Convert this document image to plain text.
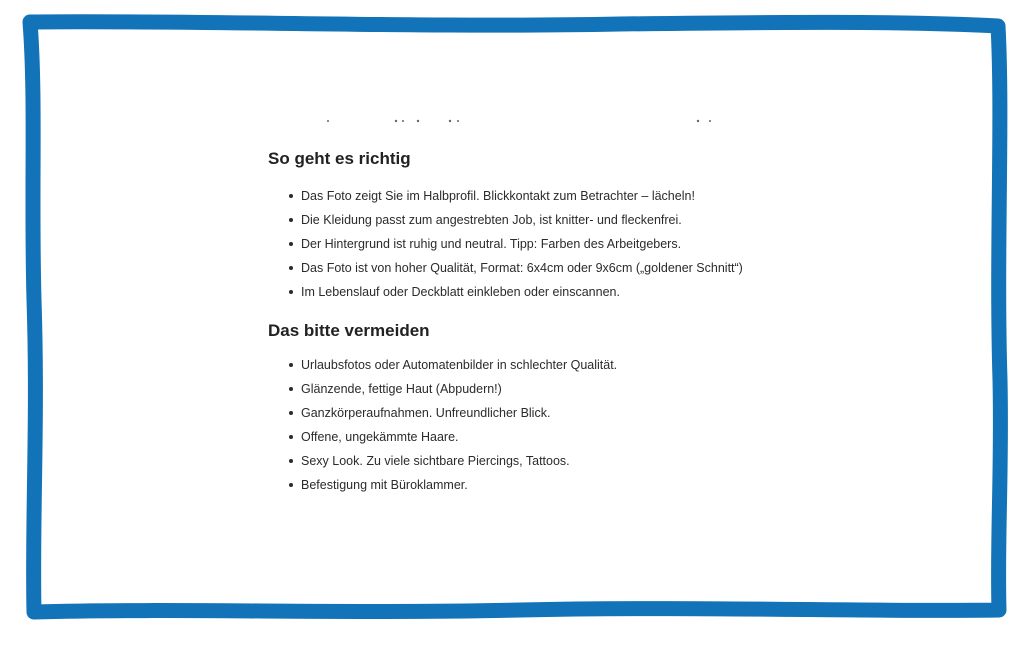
So geht es richtig
Das Foto zeigt Sie im Halbprofil. Blickkontakt zum Betrachter – lächeln!
Die Kleidung passt zum angestrebten Job, ist knitter- und fleckenfrei.
Der Hintergrund ist ruhig und neutral. Tipp: Farben des Arbeitgebers.
Das Foto ist von hoher Qualität, Format: 6x4cm oder 9x6cm („goldener Schnitt“)
Im Lebenslauf oder Deckblatt einkleben oder einscannen.
Das bitte vermeiden
Urlaubsfotos oder Automatenbilder in schlechter Qualität.
Glänzende, fettige Haut (Abpudern!)
Ganzkörperaufnahmen. Unfreundlicher Blick.
Offene, ungekämmte Haare.
Sexy Look. Zu viele sichtbare Piercings, Tattoos.
Befestigung mit Büroklammer.
